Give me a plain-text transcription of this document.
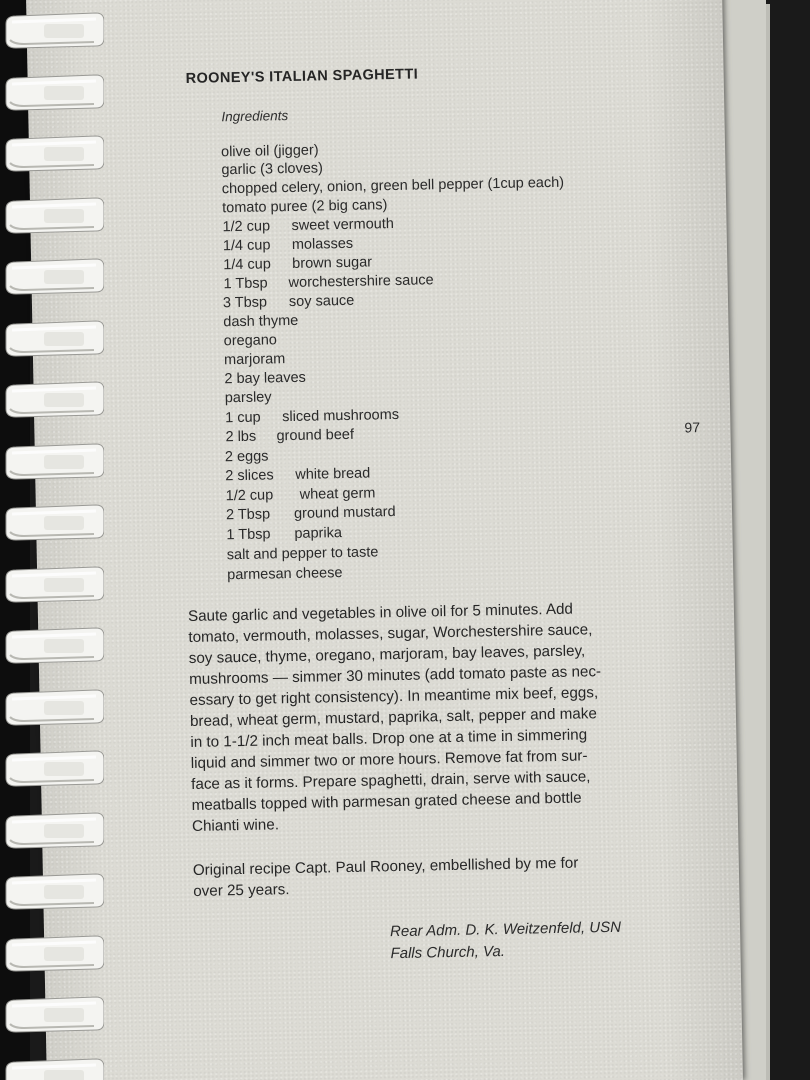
ROONEY'S ITALIAN SPAGHETTI
Ingredients
olive oil (jigger)
garlic (3 cloves)
chopped celery, onion, green bell pepper (1cup each)
tomato puree (2 big cans)
1/2 cup sweet vermouth
1/4 cup molasses
1/4 cup brown sugar
1 Tbsp worchestershire sauce
3 Tbsp soy sauce
dash thyme
oregano
marjoram
2 bay leaves
parsley
1 cup sliced mushrooms
2 lbs ground beef
2 eggs
2 slices white bread
1/2 cup wheat germ
2 Tbsp ground mustard
1 Tbsp paprika
salt and pepper to taste
parmesan cheese
97
Saute garlic and vegetables in olive oil for 5 minutes. Add
tomato, vermouth, molasses, sugar, Worchestershire sauce,
soy sauce, thyme, oregano, marjoram, bay leaves, parsley,
mushrooms — simmer 30 minutes (add tomato paste as nec-
essary to get right consistency). In meantime mix beef, eggs,
bread, wheat germ, mustard, paprika, salt, pepper and make
in to 1-1/2 inch meat balls. Drop one at a time in simmering
liquid and simmer two or more hours. Remove fat from sur-
face as it forms. Prepare spaghetti, drain, serve with sauce,
meatballs topped with parmesan grated cheese and bottle
Chianti wine.
Original recipe Capt. Paul Rooney, embellished by me for
over 25 years.
Rear Adm. D. K. Weitzenfeld, USN
Falls Church, Va.
